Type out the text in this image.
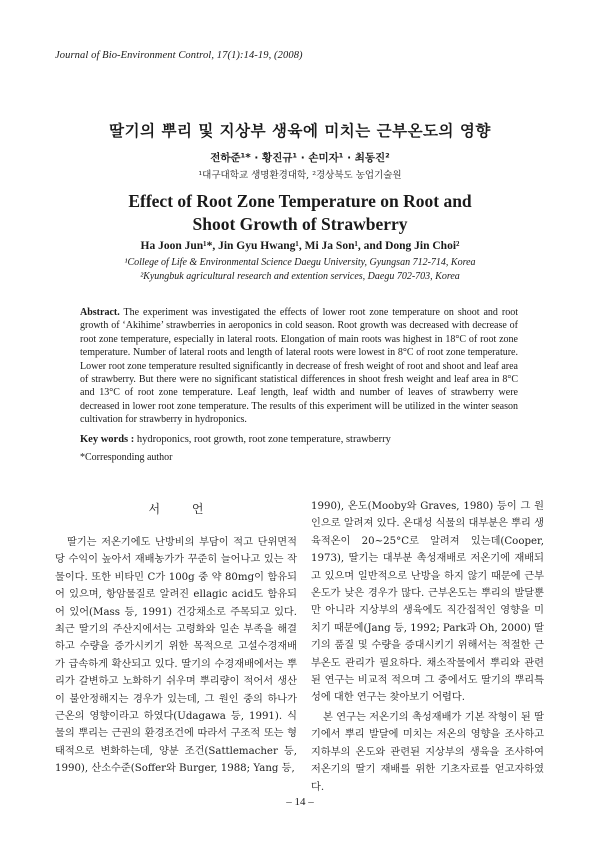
Journal of Bio-Environment Control, 17(1):14-19, (2008)
딸기의 뿌리 및 지상부 생육에 미치는 근부온도의 영향
전하준¹* · 황진규¹ · 손미자¹ · 최동진²
¹대구대학교 생명환경대학, ²경상북도 농업기술원
Effect of Root Zone Temperature on Root and
Shoot Growth of Strawberry
Ha Joon Jun¹*, Jin Gyu Hwang¹, Mi Ja Son¹, and Dong Jin Choi²
¹College of Life & Environmental Science Daegu University, Gyungsan 712-714, Korea
²Kyungbuk agricultural research and extention services, Daegu 702-703, Korea
Abstract. The experiment was investigated the effects of lower root zone temperature on shoot and root growth of ‘Akihime’ strawberries in aeroponics in cold season. Root growth was decreased with decrease of root zone temperature, especially in lateral roots. Elongation of main roots was highest in 18°C of root zone temperature. Number of lateral roots and length of lateral roots were lowest in 8°C of root zone temperature. Lower root zone temperature resulted significantly in decrease of fresh weight of root and shoot and leaf area of strawberry. But there were no significant statistical differences in shoot fresh weight and leaf area in 8°C and 13°C of root zone temperature. Leaf length, leaf width and number of leaves of strawberry were decreased in lower root zone temperature. The results of this experiment will be utilized in the winter season cultivation for strawberry in hydroponics.
Key words : hydroponics, root growth, root zone temperature, strawberry
*Corresponding author
서 언

딸기는 저온기에도 난방비의 부담이 적고 단위면적당 수익이 높아서 재배농가가 꾸준히 늘어나고 있는 작물이다. 또한 비타민 C가 100g 중 약 80mg이 함유되어 있으며, 항암물질로 알려진 ellagic acid도 함유되어 있어(Mass 등, 1991) 건강채소로 주목되고 있다. 최근 딸기의 주산지에서는 고령화와 일손 부족을 해결하고 수량을 증가시키기 위한 목적으로 고설수경재배가 급속하게 확산되고 있다. 딸기의 수경재배에서는 뿌리가 갈변하고 노화하기 쉬우며 뿌리량이 적어서 생산이 불안정해지는 경우가 있는데, 그 원인 중의 하나가 근온의 영향이라고 하였다(Udagawa 등, 1991). 식물의 뿌리는 근권의 환경조건에 따라서 구조적 또는 형태적으로 변화하는데, 양분 조건(Sattlemacher 등, 1990), 산소수준(Soffer와 Burger, 1988; Yang 등,

1990), 온도(Mooby와 Graves, 1980) 등이 그 원인으로 알려져 있다. 온대성 식물의 대부분은 뿌리 생육적온이 20~25°C로 알려져 있는데(Cooper, 1973), 딸기는 대부분 촉성재배로 저온기에 재배되고 있으며 일반적으로 난방을 하지 않기 때문에 근부온도가 낮은 경우가 많다. 근부온도는 뿌리의 발달뿐만 아니라 지상부의 생육에도 직간접적인 영향을 미치기 때문에(Jang 등, 1992; Park과 Oh, 2000) 딸기의 품질 및 수량을 증대시키기 위해서는 적절한 근부온도 관리가 필요하다. 채소작물에서 뿌리와 관련된 연구는 비교적 적으며 그 중에서도 딸기의 뿌리특성에 대한 연구는 찾아보기 어렵다.

본 연구는 저온기의 촉성재배가 기본 작형이 된 딸기에서 뿌리 발달에 미치는 저온의 영향을 조사하고 지하부의 온도와 관련된 지상부의 생육을 조사하여 저온기의 딸기 재배를 위한 기초자료를 얻고자하였다.

– 14 –
